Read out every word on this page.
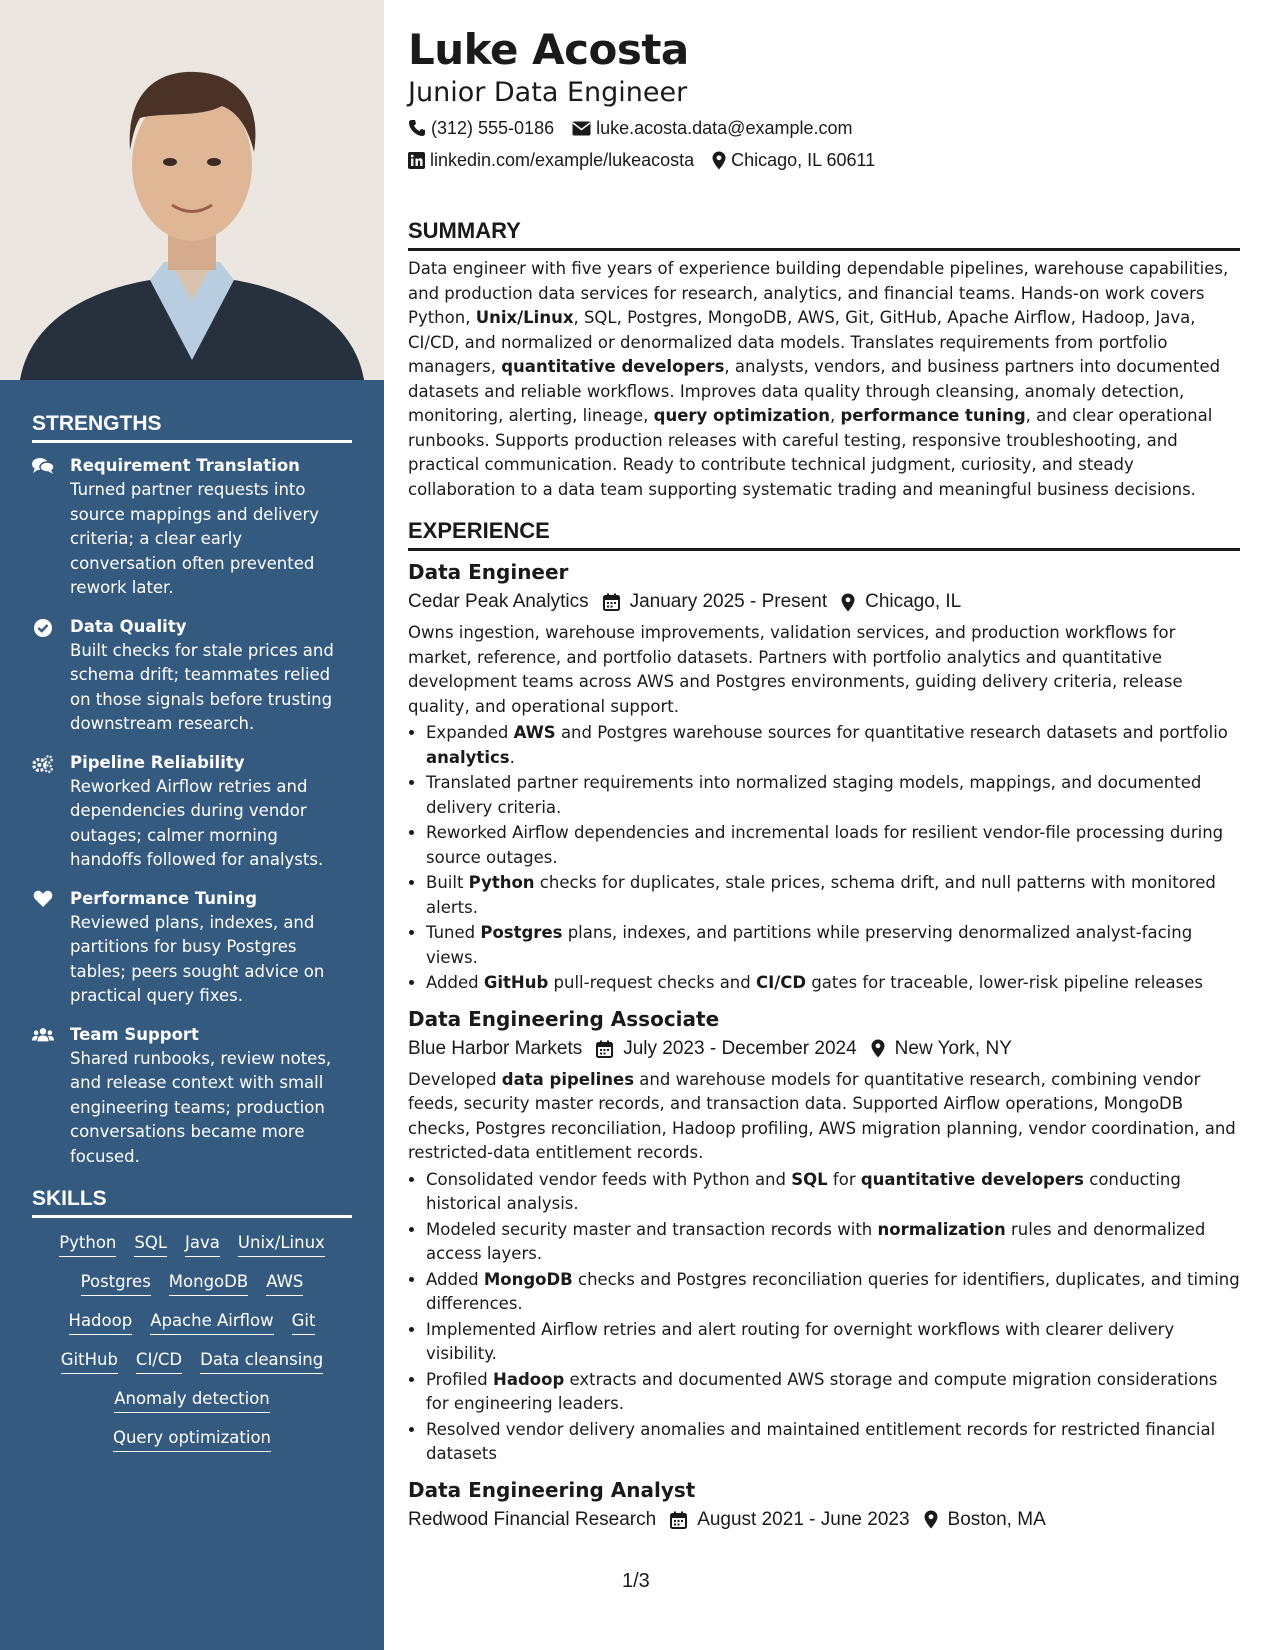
STRENGTHS
Requirement Translation
Turned partner requests into source mappings and delivery criteria; a clear early conversation often prevented rework later.
Data Quality
Built checks for stale prices and schema drift; teammates relied on those signals before trusting downstream research.
Pipeline Reliability
Reworked Airflow retries and dependencies during vendor outages; calmer morning handoffs followed for analysts.
Performance Tuning
Reviewed plans, indexes, and partitions for busy Postgres tables; peers sought advice on practical query fixes.
Team Support
Shared runbooks, review notes, and release context with small engineering teams; production conversations became more focused.
SKILLS
Python SQL Java Unix/Linux
Postgres MongoDB AWS
Hadoop Apache Airflow Git
GitHub CI/CD Data cleansing
Anomaly detection
Query optimization
Luke Acosta
Junior Data Engineer
(312) 555-0186 luke.acosta.data@example.com
linkedin.com/example/lukeacosta Chicago, IL 60611
SUMMARY

Data engineer with five years of experience building dependable pipelines, warehouse capabilities, and production data services for research, analytics, and financial teams. Hands-on work covers Python, Unix/Linux, SQL, Postgres, MongoDB, AWS, Git, GitHub, Apache Airflow, Hadoop, Java, CI/CD, and normalized or denormalized data models. Translates requirements from portfolio managers, quantitative developers, analysts, vendors, and business partners into documented datasets and reliable workflows. Improves data quality through cleansing, anomaly detection, monitoring, alerting, lineage, query optimization, performance tuning, and clear operational runbooks. Supports production releases with careful testing, responsive troubleshooting, and practical communication. Ready to contribute technical judgment, curiosity, and steady collaboration to a data team supporting systematic trading and meaningful business decisions.

EXPERIENCE
Data Engineer
Cedar Peak Analytics January 2025 - Present Chicago, IL

Owns ingestion, warehouse improvements, validation services, and production workflows for market, reference, and portfolio datasets. Partners with portfolio analytics and quantitative development teams across AWS and Postgres environments, guiding delivery criteria, release quality, and operational support.

• Expanded AWS and Postgres warehouse sources for quantitative research datasets and portfolio analytics.
• Translated partner requirements into normalized staging models, mappings, and documented delivery criteria.
• Reworked Airflow dependencies and incremental loads for resilient vendor-file processing during source outages.
• Built Python checks for duplicates, stale prices, schema drift, and null patterns with monitored alerts.
• Tuned Postgres plans, indexes, and partitions while preserving denormalized analyst-facing views.
• Added GitHub pull-request checks and CI/CD gates for traceable, lower-risk pipeline releases
Data Engineering Associate
Blue Harbor Markets July 2023 - December 2024 New York, NY

Developed data pipelines and warehouse models for quantitative research, combining vendor feeds, security master records, and transaction data. Supported Airflow operations, MongoDB checks, Postgres reconciliation, Hadoop profiling, AWS migration planning, vendor coordination, and restricted-data entitlement records.

• Consolidated vendor feeds with Python and SQL for quantitative developers conducting historical analysis.
• Modeled security master and transaction records with normalization rules and denormalized access layers.
• Added MongoDB checks and Postgres reconciliation queries for identifiers, duplicates, and timing differences.
• Implemented Airflow retries and alert routing for overnight workflows with clearer delivery visibility.
• Profiled Hadoop extracts and documented AWS storage and compute migration considerations for engineering leaders.
• Resolved vendor delivery anomalies and maintained entitlement records for restricted financial datasets
Data Engineering Analyst
Redwood Financial Research August 2021 - June 2023 Boston, MA
1/3
